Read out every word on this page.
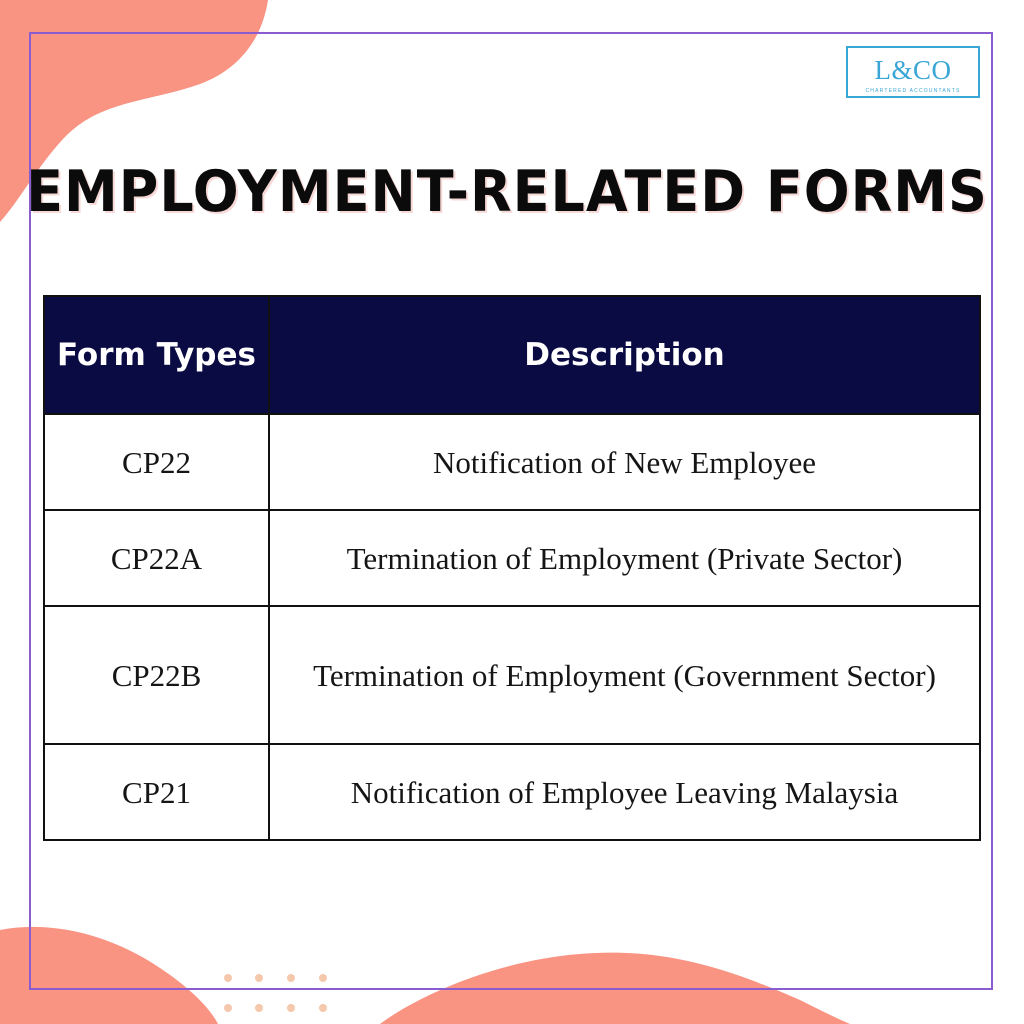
L&CO
CHARTERED ACCOUNTANTS
EMPLOYMENT-RELATED FORMS
Form Types	Description
CP22	Notification of New Employee
CP22A	Termination of Employment (Private Sector)
CP22B	Termination of Employment (Government Sector)
CP21	Notification of Employee Leaving Malaysia
